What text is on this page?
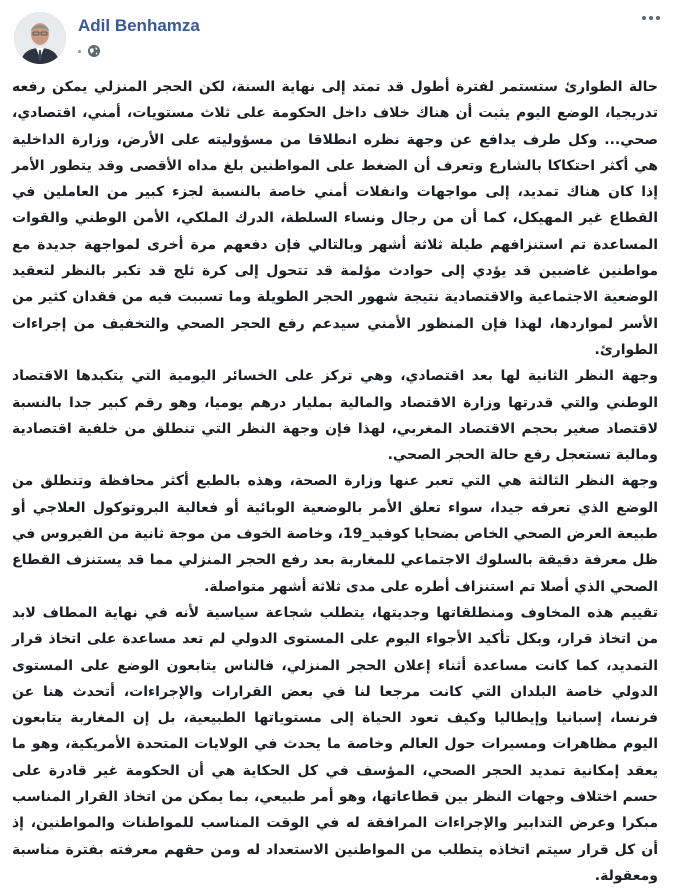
Adil Benhamza

حالة الطوارئ ستستمر لفترة أطول قد تمتد إلى نهاية السنة، لكن الحجر المنزلي يمكن رفعه تدريجيا، الوضع اليوم يثبت أن هناك خلاف داخل الحكومة على ثلاث مستويات، أمني، اقتصادي، صحي... وكل طرف يدافع عن وجهة نظره انطلاقا من مسؤوليته على الأرض، وزارة الداخلية هي أكثر احتكاكا بالشارع وتعرف أن الضغط على المواطنين بلغ مداه الأقصى وقد يتطور الأمر إذا كان هناك تمديد، إلى مواجهات وانفلات أمني خاصة بالنسبة لجزء كبير من العاملين في القطاع غير المهيكل، كما أن من رجال ونساء السلطة، الدرك الملكي، الأمن الوطني والقوات المساعدة تم استنزافهم طيلة ثلاثة أشهر وبالتالي فإن دفعهم مرة أخرى لمواجهة جديدة مع مواطنين غاضبين قد يؤدي إلى حوادث مؤلمة قد تتحول إلى كرة ثلج قد تكبر بالنظر لتعقيد الوضعية الاجتماعية والاقتصادية نتيجة شهور الحجر الطويلة وما تسببت فيه من فقدان كثير من الأسر لمواردها، لهذا فإن المنظور الأمني سيدعم رفع الحجر الصحي والتخفيف من إجراءات الطوارئ.

وجهة النظر الثانية لها بعد اقتصادي، وهي تركز على الخسائر اليومية التي يتكبدها الاقتصاد الوطني والتي قدرتها وزارة الاقتصاد والمالية بمليار درهم يوميا، وهو رقم كبير جدا بالنسبة لاقتصاد صغير بحجم الاقتصاد المغربي، لهذا فإن وجهة النظر التي تنطلق من خلفية اقتصادية ومالية تستعجل رفع حالة الحجر الصحي.

وجهة النظر الثالثة هي التي تعبر عنها وزارة الصحة، وهذه بالطبع أكثر محافظة وتنطلق من الوضع الذي تعرفه جيدا، سواء تعلق الأمر بالوضعية الوبائية أو فعالية البروتوكول العلاجي أو طبيعة العرض الصحي الخاص بضحايا كوفيد_19، وخاصة الخوف من موجة ثانية من الفيروس في ظل معرفة دقيقة بالسلوك الاجتماعي للمغاربة بعد رفع الحجر المنزلي مما قد يستنزف القطاع الصحي الذي أصلا تم استنزاف أطره على مدى ثلاثة أشهر متواصلة.

تقييم هذه المخاوف ومنطلقاتها وجديتها، يتطلب شجاعة سياسية لأنه في نهاية المطاف لابد من اتخاذ قرار، وبكل تأكيد الأجواء اليوم على المستوى الدولي لم تعد مساعدة على اتخاذ قرار التمديد، كما كانت مساعدة أثناء إعلان الحجر المنزلي، فالناس يتابعون الوضع على المستوى الدولي خاصة البلدان التي كانت مرجعا لنا في بعض القرارات والإجراءات، أتحدث هنا عن فرنسا، إسبانيا وإيطاليا وكيف تعود الحياة إلى مستوياتها الطبيعية، بل إن المغاربة يتابعون اليوم مظاهرات ومسيرات حول العالم وخاصة ما يحدث في الولايات المتحدة الأمريكية، وهو ما يعقد إمكانية تمديد الحجر الصحي، المؤسف في كل الحكاية هي أن الحكومة غير قادرة على حسم اختلاف وجهات النظر بين قطاعاتها، وهو أمر طبيعي، بما يمكن من اتخاذ القرار المناسب مبكرا وعرض التدابير والإجراءات المرافقة له في الوقت المناسب للمواطنات والمواطنين، إذ أن كل قرار سيتم اتخاذه يتطلب من المواطنين الاستعداد له ومن حقهم معرفته بفترة مناسبة ومعقولة.
